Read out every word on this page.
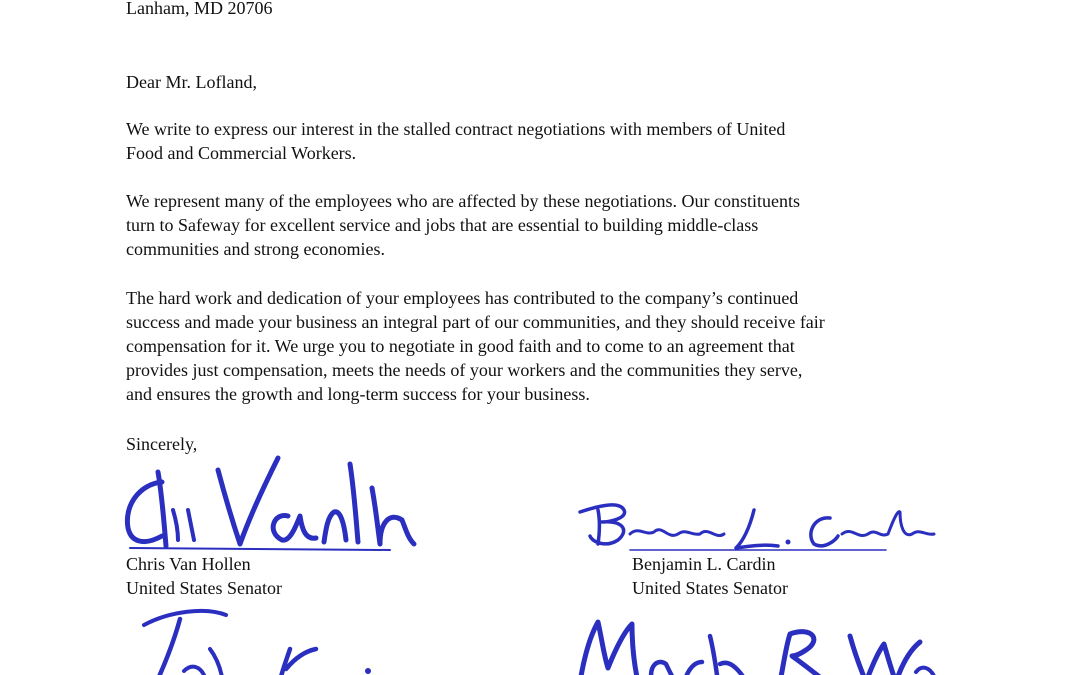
Lanham, MD 20706
Dear Mr. Lofland,
We write to express our interest in the stalled contract negotiations with members of United
Food and Commercial Workers.
We represent many of the employees who are affected by these negotiations. Our constituents
turn to Safeway for excellent service and jobs that are essential to building middle-class
communities and strong economies.
The hard work and dedication of your employees has contributed to the company’s continued
success and made your business an integral part of our communities, and they should receive fair
compensation for it. We urge you to negotiate in good faith and to come to an agreement that
provides just compensation, meets the needs of your workers and the communities they serve,
and ensures the growth and long-term success for your business.
Sincerely,
Chris Van Hollen
United States Senator
Benjamin L. Cardin
United States Senator
